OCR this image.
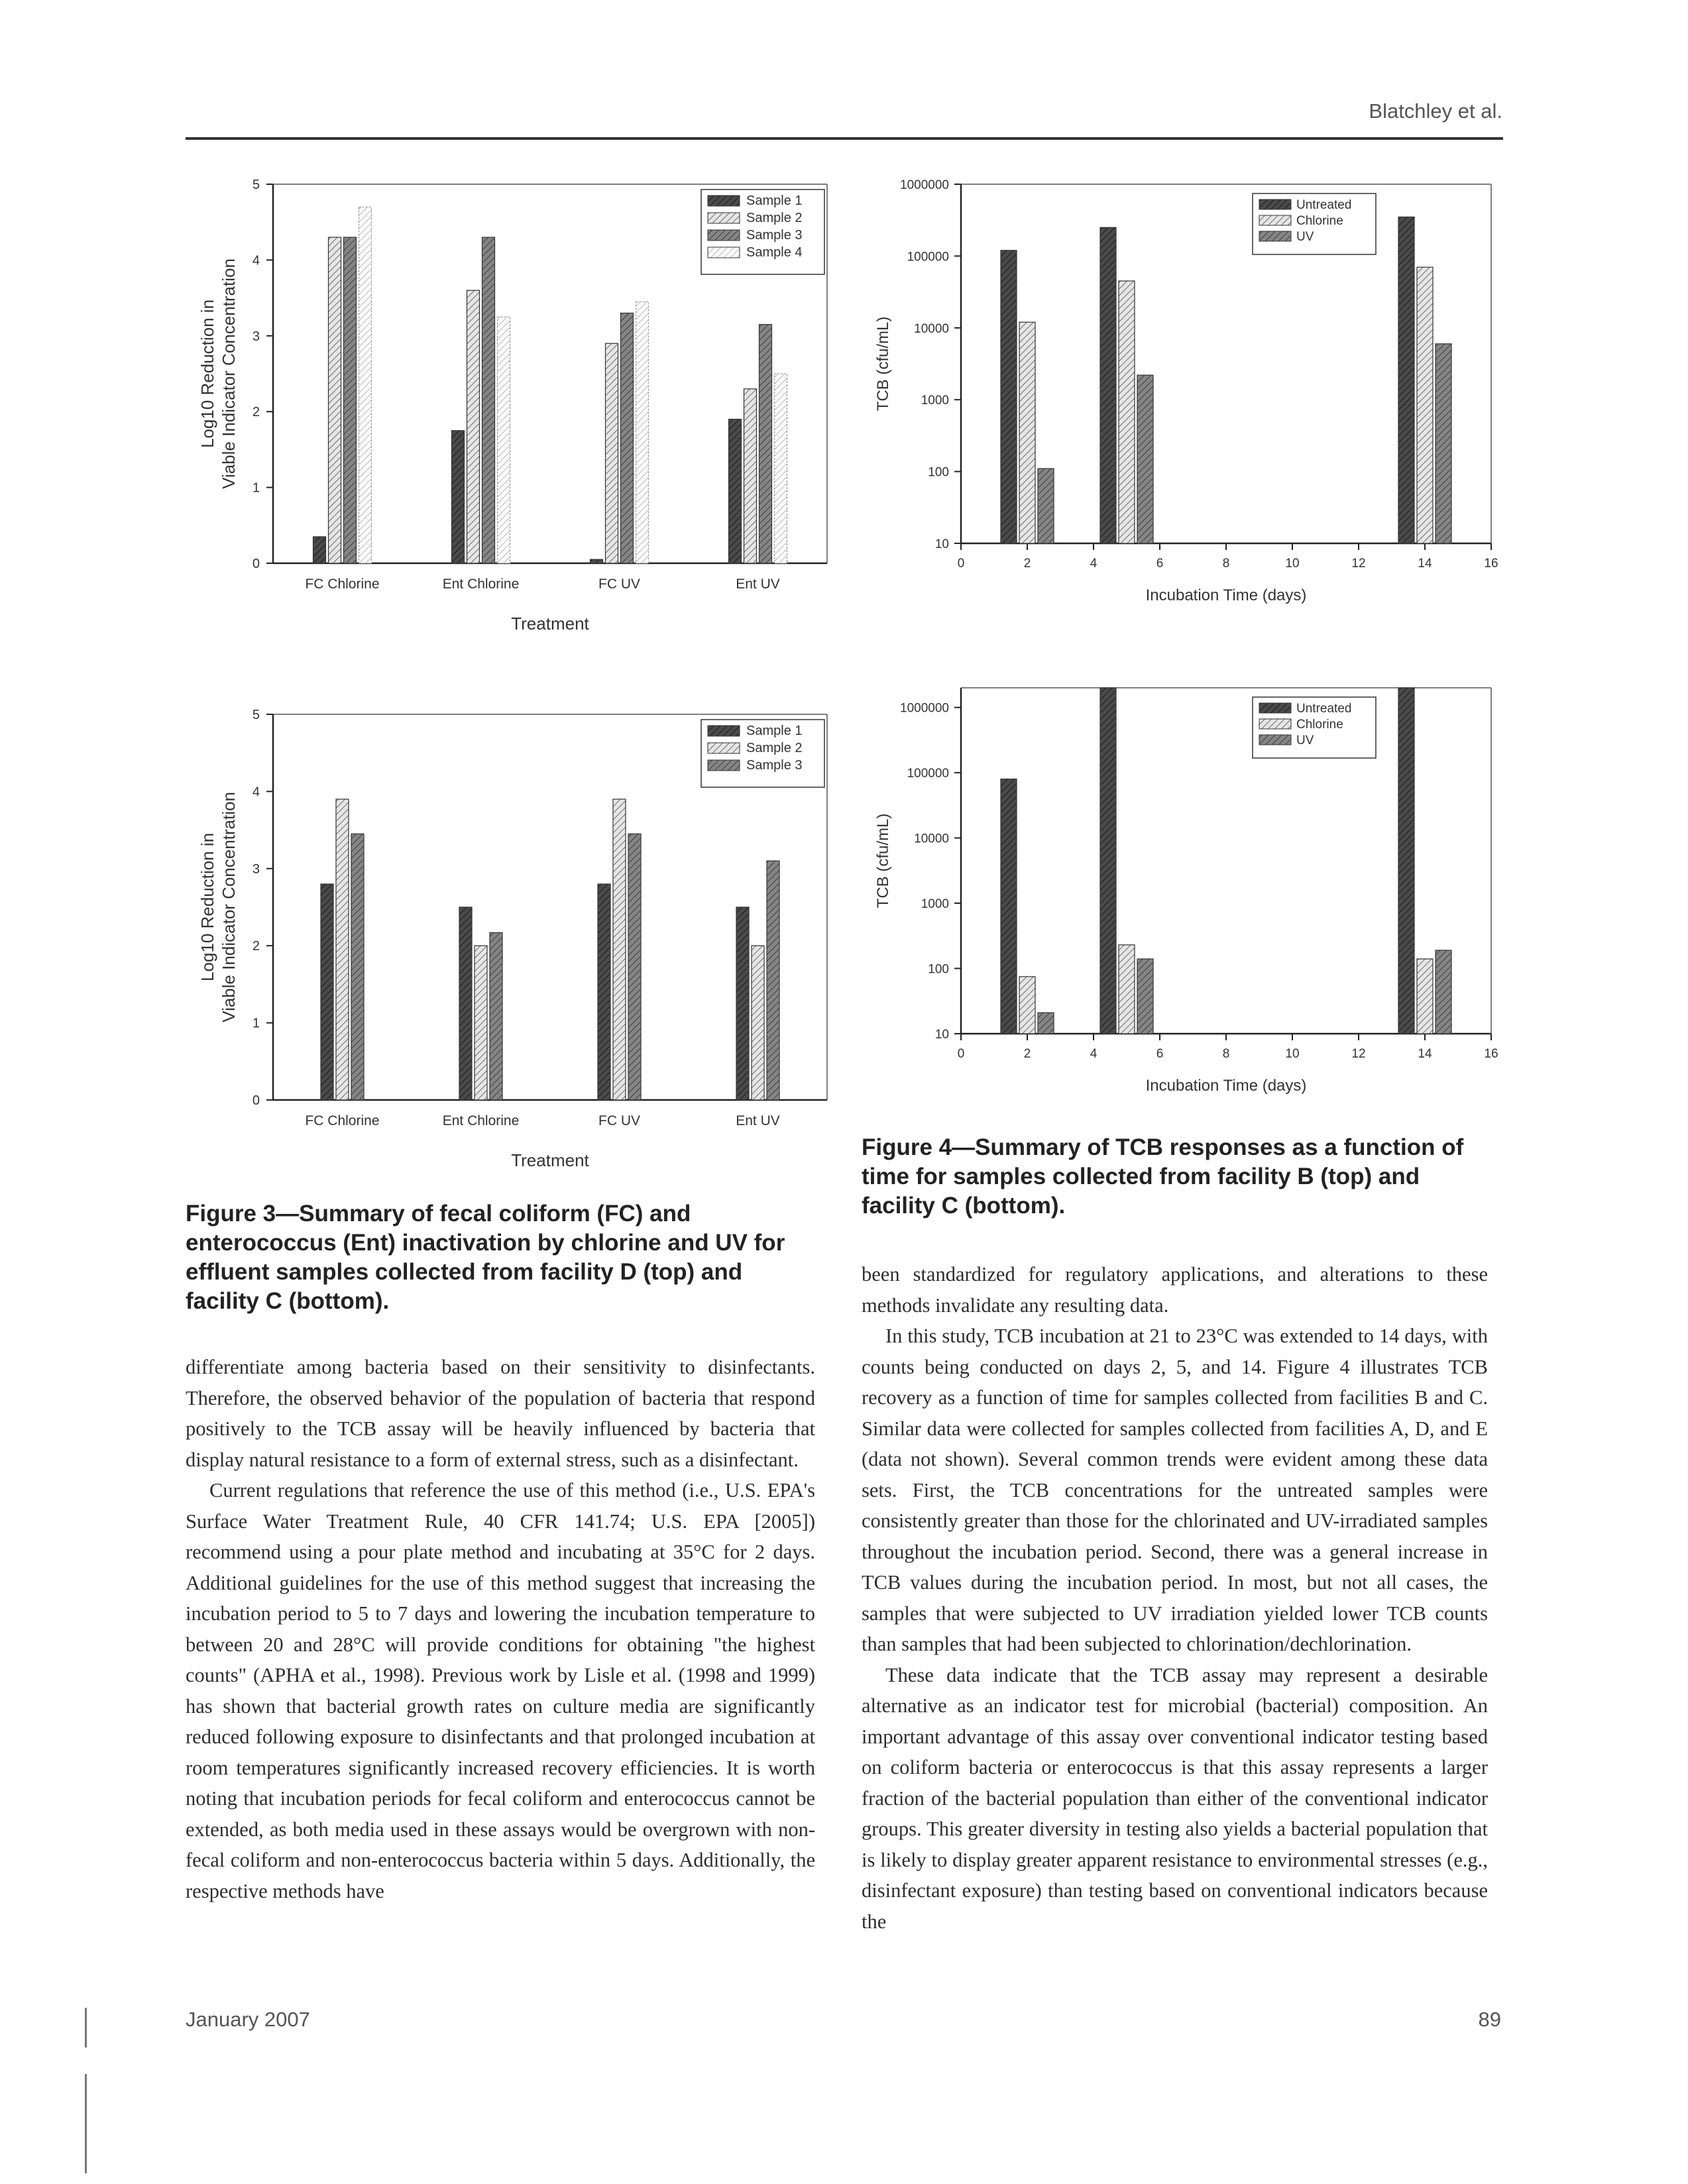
Blatchley et al.
0
1
2
3
4
5
FC Chlorine	Ent Chlorine	FC UV	Ent UV
Treatment
Log10 Reduction in Viable Indicator Concentration
Sample 1
Sample 2
Sample 3
Sample 4
0
1
2
3
4
5
FC Chlorine	Ent Chlorine	FC UV	Ent UV
Treatment
Log10 Reduction in Viable Indicator Concentration
Sample 1
Sample 2
Sample 3
10
100
1000
10000
100000
1000000
0	2	4	6	8	10	12	14	16
Incubation Time (days)
TCB (cfu/mL)
Untreated
Chlorine
UV
10
100
1000
10000
100000
1000000
0	2	4	6	8	10	12	14	16
Incubation Time (days)
TCB (cfu/mL)
Untreated
Chlorine
UV

Figure 3—Summary of fecal coliform (FC) and enterococcus (Ent) inactivation by chlorine and UV for effluent samples collected from facility D (top) and facility C (bottom).

Figure 4—Summary of TCB responses as a function of time for samples collected from facility B (top) and facility C (bottom).

differentiate among bacteria based on their sensitivity to disinfectants. Therefore, the observed behavior of the population of bacteria that respond positively to the TCB assay will be heavily influenced by bacteria that display natural resistance to a form of external stress, such as a disinfectant.

Current regulations that reference the use of this method (i.e., U.S. EPA's Surface Water Treatment Rule, 40 CFR 141.74; U.S. EPA [2005]) recommend using a pour plate method and incubating at 35°C for 2 days. Additional guidelines for the use of this method suggest that increasing the incubation period to 5 to 7 days and lowering the incubation temperature to between 20 and 28°C will provide conditions for obtaining "the highest counts" (APHA et al., 1998). Previous work by Lisle et al. (1998 and 1999) has shown that bacterial growth rates on culture media are significantly reduced following exposure to disinfectants and that prolonged incubation at room temperatures significantly increased recovery efficiencies. It is worth noting that incubation periods for fecal coliform and enterococcus cannot be extended, as both media used in these assays would be overgrown with non-fecal coliform and non-enterococcus bacteria within 5 days. Additionally, the respective methods have

been standardized for regulatory applications, and alterations to these methods invalidate any resulting data.

In this study, TCB incubation at 21 to 23°C was extended to 14 days, with counts being conducted on days 2, 5, and 14. Figure 4 illustrates TCB recovery as a function of time for samples collected from facilities B and C. Similar data were collected for samples collected from facilities A, D, and E (data not shown). Several common trends were evident among these data sets. First, the TCB concentrations for the untreated samples were consistently greater than those for the chlorinated and UV-irradiated samples throughout the incubation period. Second, there was a general increase in TCB values during the incubation period. In most, but not all cases, the samples that were subjected to UV irradiation yielded lower TCB counts than samples that had been subjected to chlorination/dechlorination.

These data indicate that the TCB assay may represent a desirable alternative as an indicator test for microbial (bacterial) composition. An important advantage of this assay over conventional indicator testing based on coliform bacteria or enterococcus is that this assay represents a larger fraction of the bacterial population than either of the conventional indicator groups. This greater diversity in testing also yields a bacterial population that is likely to display greater apparent resistance to environmental stresses (e.g., disinfectant exposure) than testing based on conventional indicators because the

January 2007	89
